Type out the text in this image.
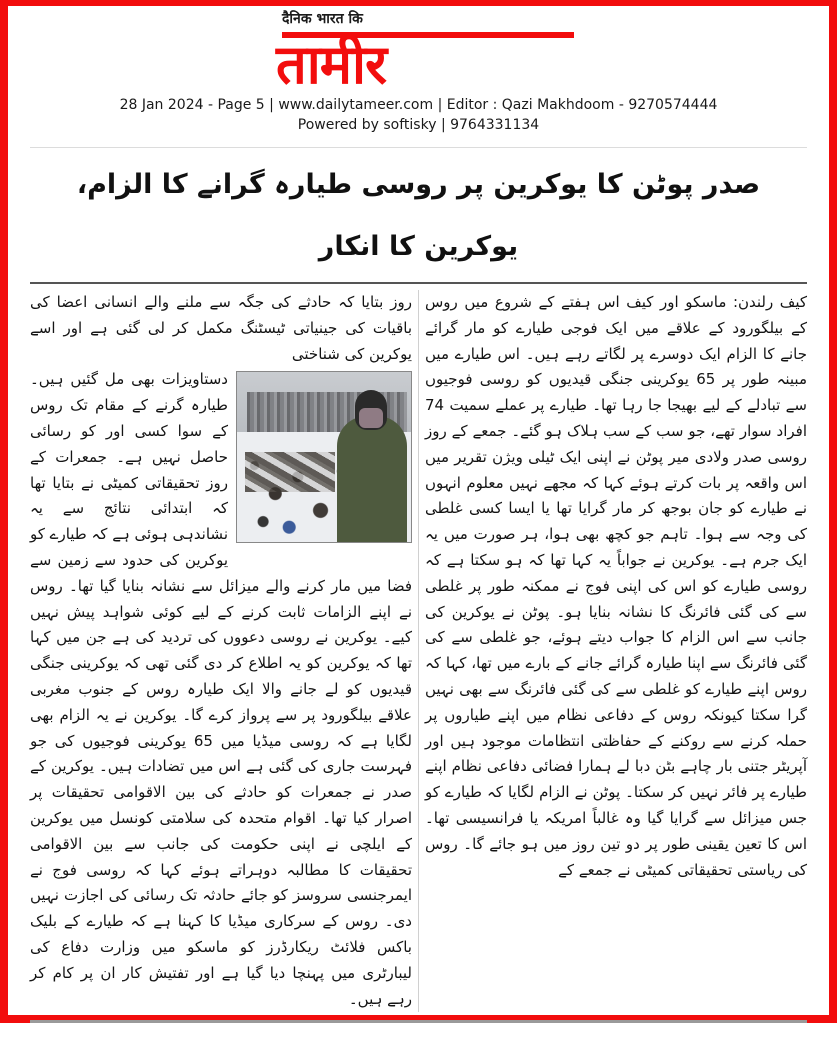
दैनिक भारत कि
तामीर
28 Jan 2024 - Page 5 | www.dailytameer.com | Editor : Qazi Makhdoom - 9270574444
Powered by softisky | 9764331134
صدر پوٹن کا یوکرین پر روسی طیارہ گرانے کا الزام، یوکرین کا انکار

کیف رلندن: ماسکو اور کیف اس ہفتے کے شروع میں روس کے بیلگورود کے علاقے میں ایک فوجی طیارے کو مار گرائے جانے کا الزام ایک دوسرے پر لگاتے رہے ہیں۔ اس طیارے میں مبینہ طور پر 65 یوکرینی جنگی قیدیوں کو روسی فوجیوں سے تبادلے کے لیے بھیجا جا رہا تھا۔ طیارے پر عملے سمیت 74 افراد سوار تھے، جو سب کے سب ہلاک ہو گئے۔ جمعے کے روز روسی صدر ولادی میر پوٹن نے اپنی ایک ٹیلی ویژن تقریر میں اس واقعہ پر بات کرتے ہوئے کہا کہ مجھے نہیں معلوم انہوں نے طیارے کو جان بوجھ کر مار گرایا تھا یا ایسا کسی غلطی کی وجہ سے ہوا۔ تاہم جو کچھ بھی ہوا، ہر صورت میں یہ ایک جرم ہے۔ یوکرین نے جواباً یہ کہا تھا کہ ہو سکتا ہے کہ روسی طیارے کو اس کی اپنی فوج نے ممکنہ طور پر غلطی سے کی گئی فائرنگ کا نشانہ بنایا ہو۔ پوٹن نے یوکرین کی جانب سے اس الزام کا جواب دیتے ہوئے، جو غلطی سے کی گئی فائرنگ سے اپنا طیارہ گرائے جانے کے بارے میں تھا، کہا کہ روس اپنے طیارے کو غلطی سے کی گئی فائرنگ سے بھی نہیں گرا سکتا کیونکہ روس کے دفاعی نظام میں اپنے طیاروں پر حملہ کرنے سے روکنے کے حفاظتی انتظامات موجود ہیں اور آپریٹر جتنی بار چاہے بٹن دبا لے ہمارا فضائی دفاعی نظام اپنے طیارے پر فائر نہیں کر سکتا۔ پوٹن نے الزام لگایا کہ طیارے کو جس میزائل سے گرایا گیا وہ غالباً امریکہ یا فرانسیسی تھا۔ اس کا تعین یقینی طور پر دو تین روز میں ہو جائے گا۔ روس کی ریاستی تحقیقاتی کمیٹی نے جمعے کے

روز بتایا کہ حادثے کی جگہ سے ملنے والے انسانی اعضا کی باقیات کی جینیاتی ٹیسٹنگ مکمل کر لی گئی ہے اور اسے یوکرین کی شناختی

دستاویزات بھی مل گئیں ہیں۔ طیارہ گرنے کے مقام تک روس کے سوا کسی اور کو رسائی حاصل نہیں ہے۔ جمعرات کے روز تحقیقاتی کمیٹی نے بتایا تھا کہ ابتدائی نتائج سے یہ نشاندہی ہوئی ہے کہ طیارے کو

یوکرین کی حدود سے زمین سے فضا میں مار کرنے والے میزائل سے نشانہ بنایا گیا تھا۔ روس نے اپنے الزامات ثابت کرنے کے لیے کوئی شواہد پیش نہیں کیے۔ یوکرین نے روسی دعووں کی تردید کی ہے جن میں کہا تھا کہ یوکرین کو یہ اطلاع کر دی گئی تھی کہ یوکرینی جنگی قیدیوں کو لے جانے والا ایک طیارہ روس کے جنوب مغربی علاقے بیلگورود پر سے پرواز کرے گا۔ یوکرین نے یہ الزام بھی لگایا ہے کہ روسی میڈیا میں 65 یوکرینی فوجیوں کی جو فہرست جاری کی گئی ہے اس میں تضادات ہیں۔ یوکرین کے صدر نے جمعرات کو حادثے کی بین الاقوامی تحقیقات پر اصرار کیا تھا۔ اقوام متحدہ کی سلامتی کونسل میں یوکرین کے ایلچی نے اپنی حکومت کی جانب سے بین الاقوامی تحقیقات کا مطالبہ دوہراتے ہوئے کہا کہ روسی فوج نے ایمرجنسی سروسز کو جائے حادثہ تک رسائی کی اجازت نہیں دی۔ روس کے سرکاری میڈیا کا کہنا ہے کہ طیارے کے بلیک باکس فلائٹ ریکارڈرز کو ماسکو میں وزارت دفاع کی لیبارٹری میں پہنچا دیا گیا ہے اور تفتیش کار ان پر کام کر رہے ہیں۔
